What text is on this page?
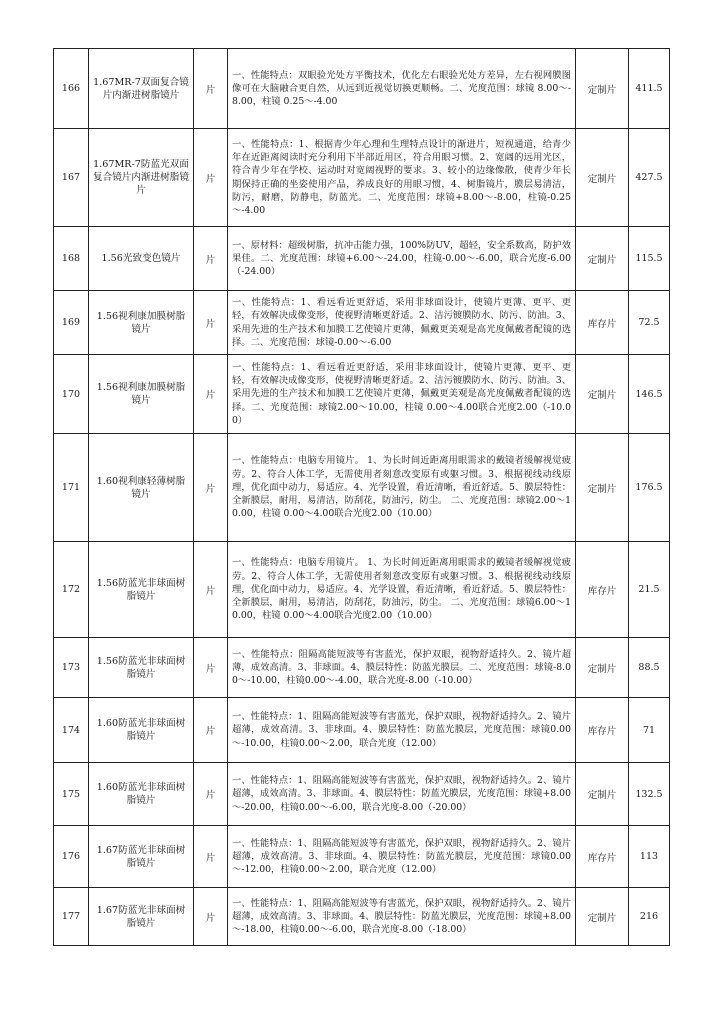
166	1.67MR-7双面复合镜片内渐进树脂镜片	片	一、性能特点：双眼验光处方平衡技术，优化左右眼验光处方差异，左右视网膜图像可在大脑融合更自然，从远到近视觉切换更顺畅。二、光度范围：球镜 8.00～-8.00，柱镜 0.25～-4.00	定制片	411.5
167	1.67MR-7防蓝光双面复合镜片内渐进树脂镜片	片	一、性能特点：1、根据青少年心理和生理特点设计的渐进片，短视通道，给青少年在近距离阅读时充分利用下半部近用区，符合用眼习惯。2、宽阔的远用光区，符合青少年在学校、运动时对宽阔视野的要求。3、较小的边缘像散，使青少年长期保持正确的坐姿使用产品，养成良好的用眼习惯，4、树脂镜片，膜层易清洁，防污，耐磨，防静电，防蓝光。二、光度范围：球镜+8.00～-8.00，柱镜-0.25～-4.00	定制片	427.5
168	1.56光致变色镜片	片	一、原材料：超级树脂，抗冲击能力强，100%防UV，超轻，安全系数高，防护效果佳。二、光度范围：球镜+6.00～-24.00，柱镜-0.00～-6.00，联合光度-6.00（-24.00）	定制片	115.5
169	1.56视利康加膜树脂镜片	片	一、性能特点：1、看远看近更舒适，采用非球面设计，使镜片更薄、更平、更轻，有效解决成像变形，使视野清晰更舒适。2、洁污镀膜防水、防污、防油。3、采用先进的生产技术和加膜工艺使镜片更薄，佩戴更美观是高光度佩戴者配镜的选择。二、光度范围：球镜-0.00～-6.00	库存片	72.5
170	1.56视利康加膜树脂镜片	片	一、性能特点：1、看远看近更舒适，采用非球面设计，使镜片更薄、更平、更轻，有效解决成像变形，使视野清晰更舒适。2、洁污镀膜防水、防污、防油。3、采用先进的生产技术和加膜工艺使镜片更薄，佩戴更美观是高光度佩戴者配镜的选择。二、光度范围：球镜2.00～10.00，柱镜 0.00～4.00联合光度2.00（-10.00）	定制片	146.5
171	1.60视利康轻薄树脂镜片	片	一、性能特点：电脑专用镜片。 1、为长时间近距离用眼需求的戴镜者缓解视觉疲劳。2、符合人体工学，无需使用者刻意改变原有或躯习惯。3、根据视线动线原理，优化面中动力，易适应。4、光学设置，看近清晰，看近舒适。5、膜层特性：全新膜层，耐用，易清洁，防刮花，防油污，防尘。 二、光度范围：球镜2.00～10.00，柱镜 0.00～4.00联合光度2.00（10.00）	定制片	176.5
172	1.56防蓝光非球面树脂镜片	片	一、性能特点：电脑专用镜片。 1、为长时间近距离用眼需求的戴镜者缓解视觉疲劳。2、符合人体工学，无需使用者刻意改变原有或躯习惯。3、根据视线动线原理，优化面中动力，易适应。4、光学设置，看近清晰，看近舒适。5、膜层特性：全新膜层，耐用，易清洁，防刮花，防油污，防尘。 二、光度范围：球镜6.00～10.00，柱镜 0.00～4.00联合光度2.00（10.00）	库存片	21.5
173	1.56防蓝光非球面树脂镜片	片	一、性能特点：阻隔高能短波等有害蓝光，保护双眼，视物舒适持久。2、镜片超薄，成效高清。3、非球面。4、膜层特性：防蓝光膜层。二、光度范围：球镜-8.00～-10.00，柱镜0.00～-4.00，联合光度-8.00（-10.00）	定制片	88.5
174	1.60防蓝光非球面树脂镜片	片	一、性能特点：1、阻隔高能短波等有害蓝光，保护双眼，视物舒适持久。2、镜片超薄，成效高清。3、非球面。4、膜层特性：防蓝光膜层，光度范围：球镜0.00～-10.00，柱镜0.00～2.00，联合光度（12.00）	库存片	71
175	1.60防蓝光非球面树脂镜片	片	一、性能特点：1、阻隔高能短波等有害蓝光，保护双眼，视物舒适持久。2、镜片超薄，成效高清。3、非球面。4、膜层特性：防蓝光膜层，光度范围：球镜+8.00～-20.00，柱镜0.00～-6.00，联合光度-8.00（-20.00）	定制片	132.5
176	1.67防蓝光非球面树脂镜片	片	一、性能特点：1、阻隔高能短波等有害蓝光，保护双眼，视物舒适持久。2、镜片超薄，成效高清。3、非球面。4、膜层特性：防蓝光膜层，光度范围：球镜0.00～-12.00，柱镜0.00～2.00，联合光度（12.00）	库存片	113
177	1.67防蓝光非球面树脂镜片	片	一、性能特点：1、阻隔高能短波等有害蓝光，保护双眼，视物舒适持久。2、镜片超薄，成效高清。3、非球面。4、膜层特性：防蓝光膜层，光度范围：球镜+8.00～-18.00，柱镜0.00～-6.00，联合光度-8.00（-18.00）	定制片	216
